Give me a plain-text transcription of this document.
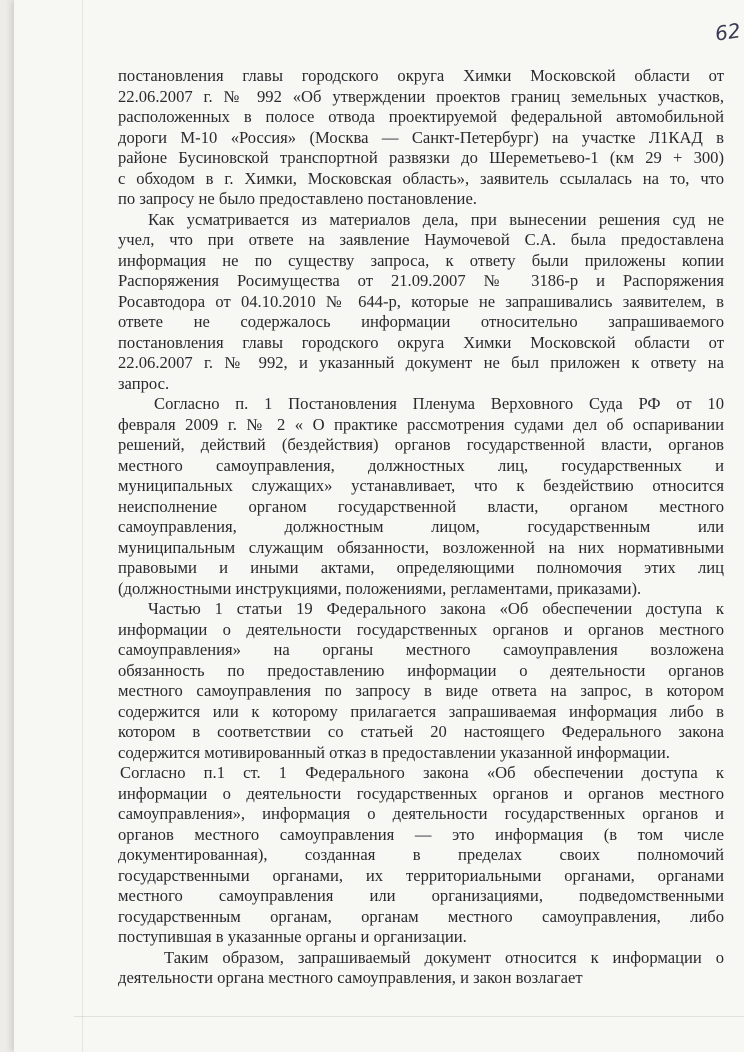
62

постановления главы городского округа Химки Московской области от
22.06.2007 г. № 992 «Об утверждении проектов границ земельных участков,
расположенных в полосе отвода проектируемой федеральной автомобильной
дороги М-10 «Россия» (Москва — Санкт-Петербург) на участке Л1КАД в
районе Бусиновской транспортной развязки до Шереметьево-1 (км 29 + 300)
с обходом в г. Химки, Московская область», заявитель ссылалась на то, что
по запросу не было предоставлено постановление.

Как усматривается из материалов дела, при вынесении решения суд не
учел, что при ответе на заявление Наумочевой С.А. была предоставлена
информация не по существу запроса, к ответу были приложены копии
Распоряжения Росимущества от 21.09.2007 № 3186-р и Распоряжения
Росавтодора от 04.10.2010 № 644-р, которые не запрашивались заявителем, в
ответе не содержалось информации относительно запрашиваемого
постановления главы городского округа Химки Московской области от
22.06.2007 г. № 992, и указанный документ не был приложен к ответу на
запрос.

Согласно п. 1 Постановления Пленума Верховного Суда РФ от 10
февраля 2009 г. № 2 « О практике рассмотрения судами дел об оспаривании
решений, действий (бездействия) органов государственной власти, органов
местного самоуправления, должностных лиц, государственных и
муниципальных служащих» устанавливает, что к бездействию относится
неисполнение органом государственной власти, органом местного
самоуправления, должностным лицом, государственным или
муниципальным служащим обязанности, возложенной на них нормативными
правовыми и иными актами, определяющими полномочия этих лиц
(должностными инструкциями, положениями, регламентами, приказами).

Частью 1 статьи 19 Федерального закона «Об обеспечении доступа к
информации о деятельности государственных органов и органов местного
самоуправления» на органы местного самоуправления возложена
обязанность по предоставлению информации о деятельности органов
местного самоуправления по запросу в виде ответа на запрос, в котором
содержится или к которому прилагается запрашиваемая информация либо в
котором в соответствии со статьей 20 настоящего Федерального закона
содержится мотивированный отказ в предоставлении указанной информации.

Согласно п.1 ст. 1 Федерального закона «Об обеспечении доступа к
информации о деятельности государственных органов и органов местного
самоуправления», информация о деятельности государственных органов и
органов местного самоуправления — это информация (в том числе
документированная), созданная в пределах своих полномочий
государственными органами, их территориальными органами, органами
местного самоуправления или организациями, подведомственными
государственным органам, органам местного самоуправления, либо
поступившая в указанные органы и организации.

Таким образом, запрашиваемый документ относится к информации о
деятельности органа местного самоуправления, и закон возлагает
